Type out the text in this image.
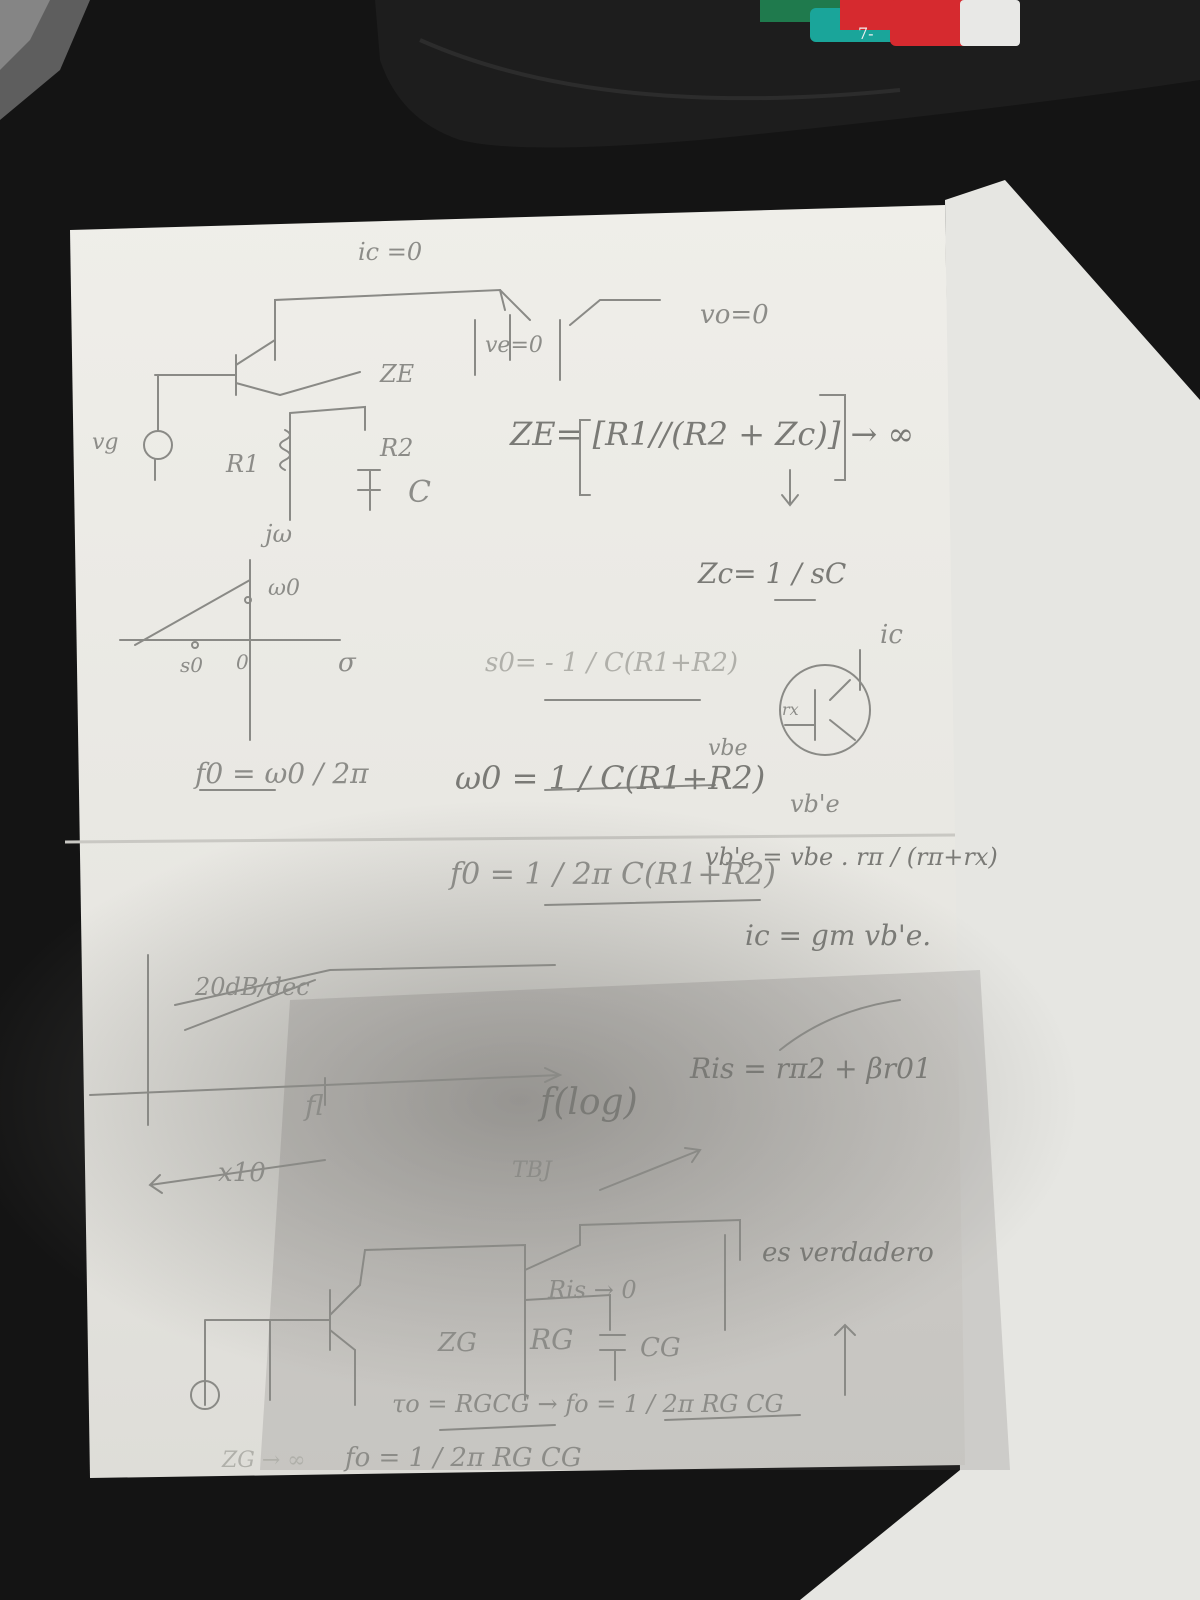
7-

ic =0

vo=0

ve=0

ZE

vg

R1

R2

C

ZE= [R1//(R2 + Zc)] → ∞

jω

ω0

s0 0	σ

Zc= 1 / sC

s0= - 1 / C(R1+R2)

ic

rx

vbe

vb'e

f0 = ω0 / 2π	ω0 = 1 / C(R1+R2)

vb'e = vbe . rπ / (rπ+rx)

f0 = 1 / 2π C(R1+R2)

ic = gm vb'e.

20dB/dec

fl

x10

f(log)

Ris = rπ2 + βr01

TBJ

es verdadero

Ris → 0

ZG RG	CG

τo = RGCG → fo = 1 / 2π RG CG

ZG → ∞ fo = 1 / 2π RG CG
